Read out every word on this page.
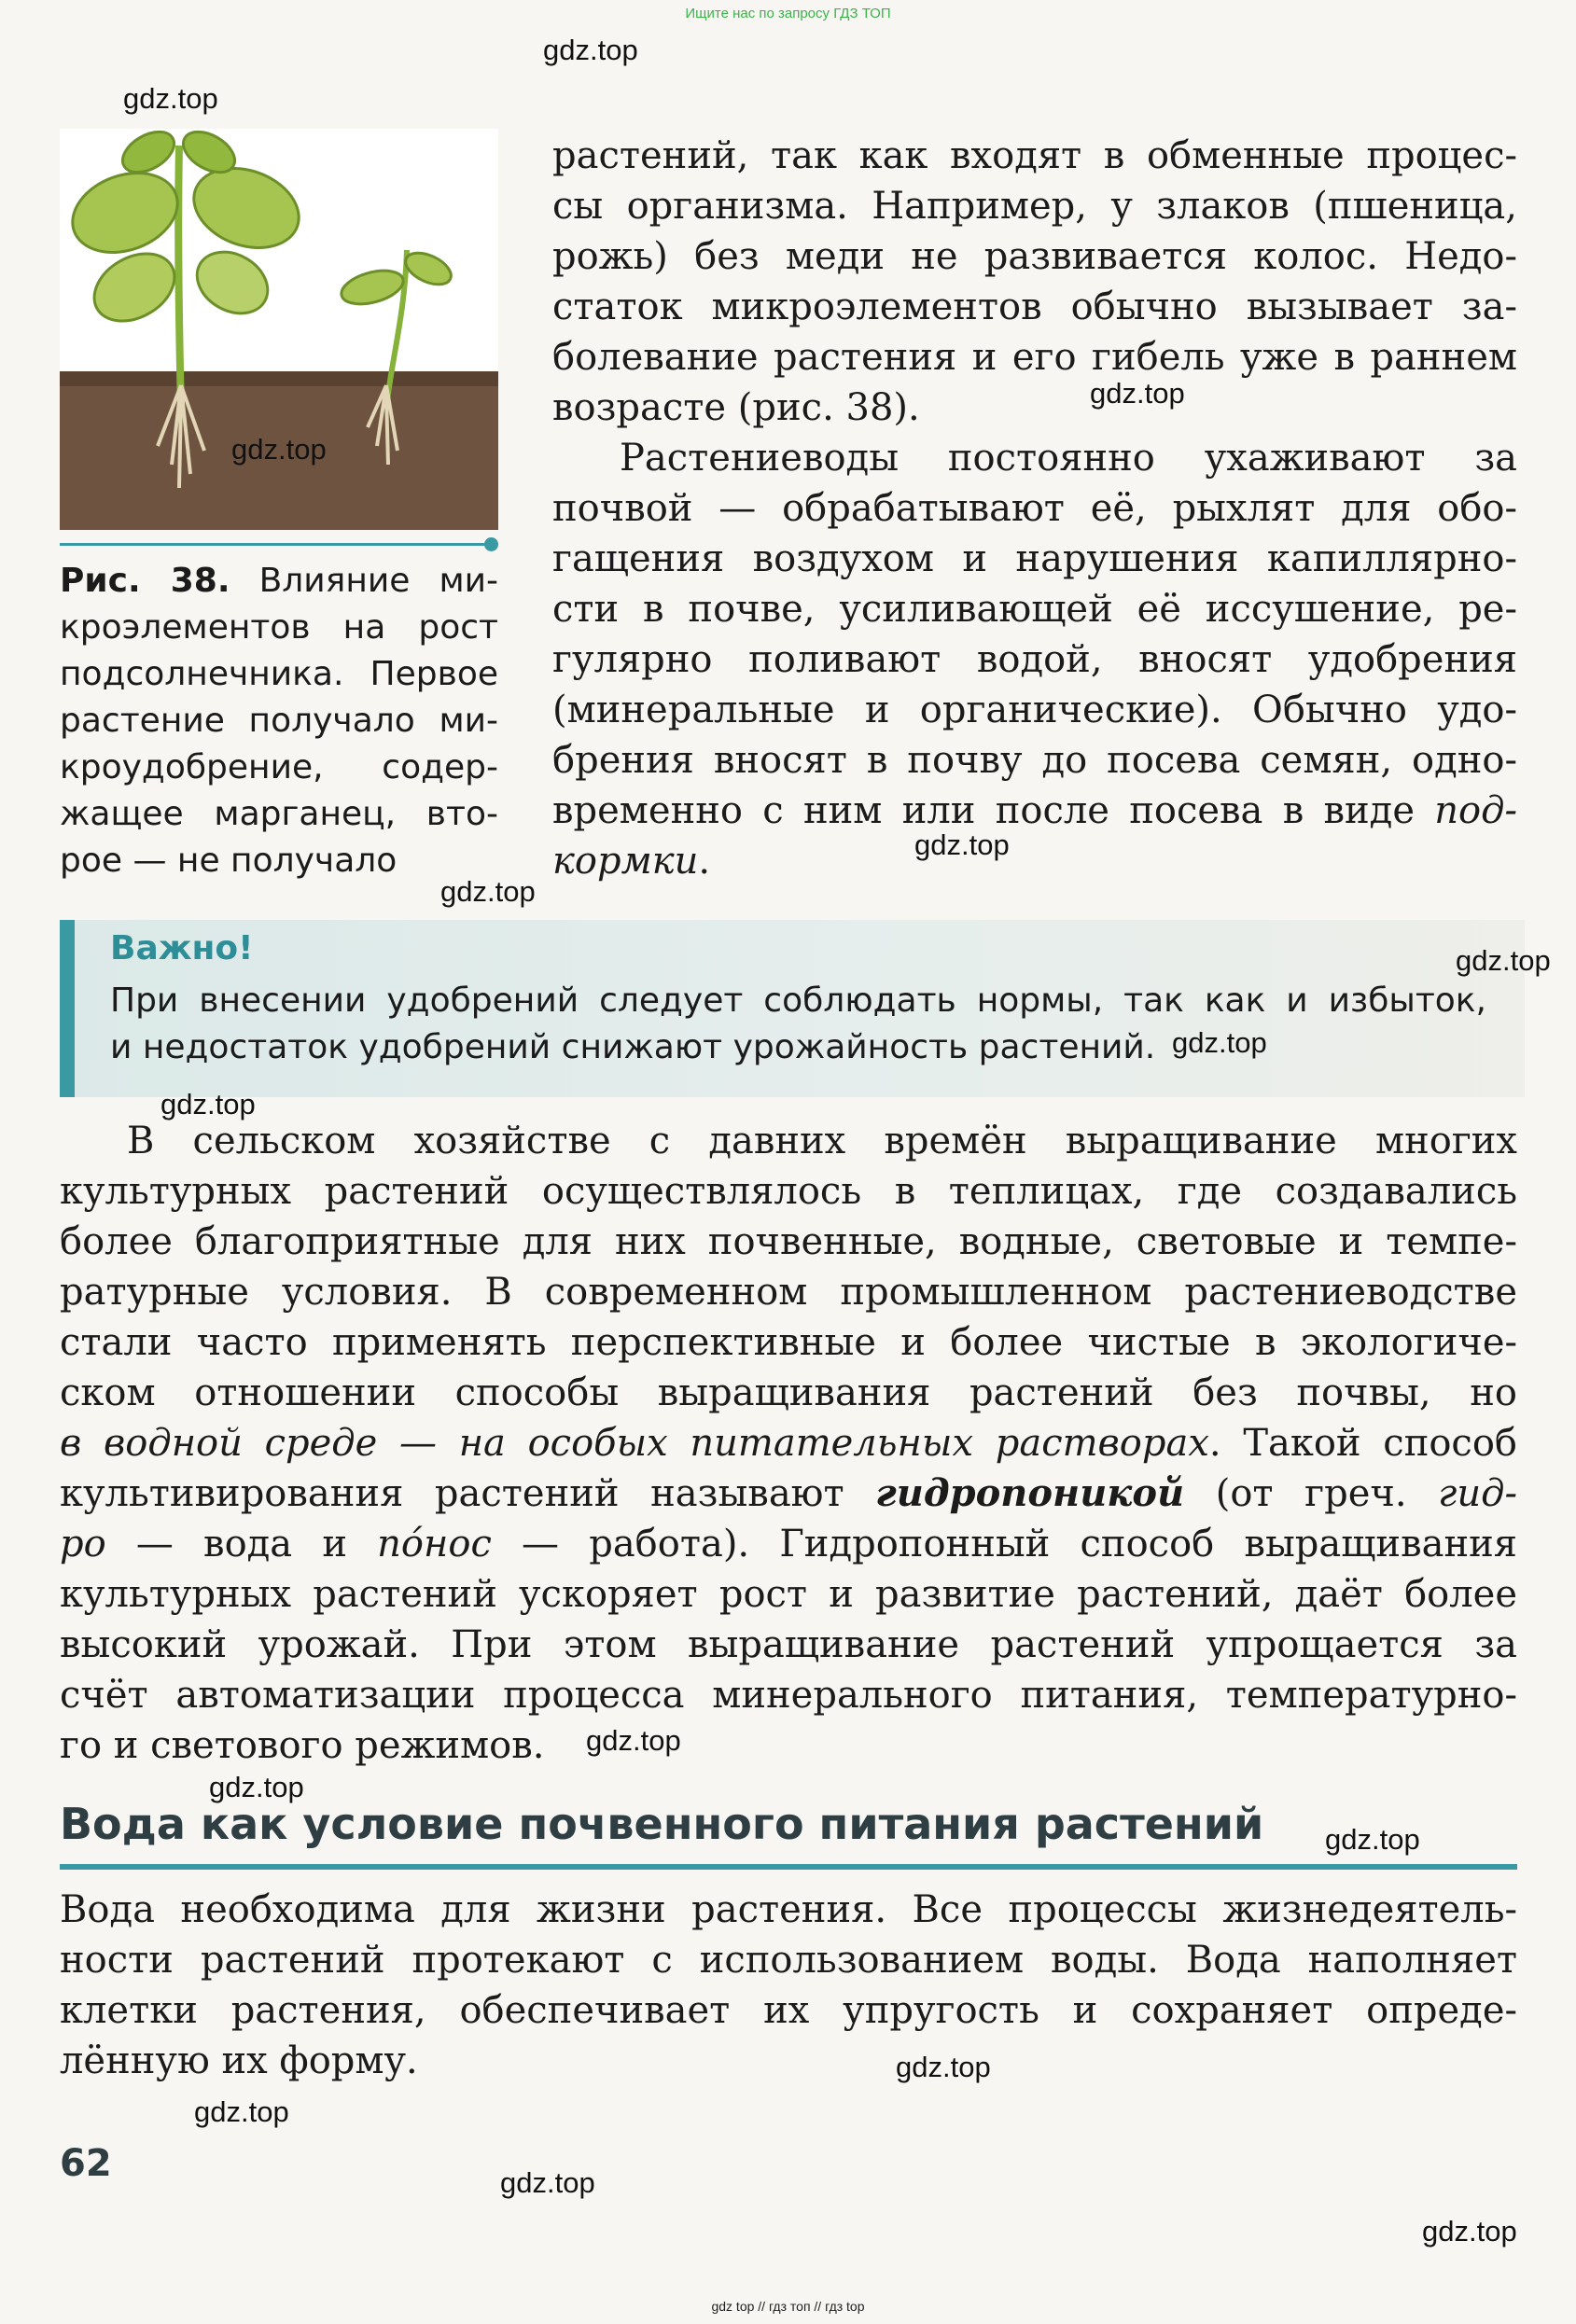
Ищите нас по запросу ГДЗ ТОП
Рис. 38. Влияние ми-
кроэлементов на рост
подсолнечника. Первое
растение получало ми-
кроудобрение, содер-
жащее марганец, вто-
рое — не получало
растений, так как входят в обменные процес-
сы организма. Например, у злаков (пшеница,
рожь) без меди не развивается колос. Недо-
статок микроэлементов обычно вызывает за-
болевание растения и его гибель уже в раннем
возрасте (рис. 38).
Растениеводы постоянно ухаживают за
почвой — обрабатывают её, рыхлят для обо-
гащения воздухом и нарушения капиллярно-
сти в почве, усиливающей её иссушение, ре-
гулярно поливают водой, вносят удобрения
(минеральные и органические). Обычно удо-
брения вносят в почву до посева семян, одно-
временно с ним или после посева в виде под-
кормки.
Важно!
При внесении удобрений следует соблюдать нормы, так как и избыток,
и недостаток удобрений снижают урожайность растений.
В сельском хозяйстве с давних времён выращивание многих
культурных растений осуществлялось в теплицах, где создавались
более благоприятные для них почвенные, водные, световые и темпе-
ратурные условия. В современном промышленном растениеводстве
стали часто применять перспективные и более чистые в экологиче-
ском отношении способы выращивания растений без почвы, но
в водной среде — на особых питательных растворах. Такой способ
культивирования растений называют гидропоникой (от греч. гид-
ро — вода и по́нос — работа). Гидропонный способ выращивания
культурных растений ускоряет рост и развитие растений, даёт более
высокий урожай. При этом выращивание растений упрощается за
счёт автоматизации процесса минерального питания, температурно-
го и светового режимов.
Вода как условие почвенного питания растений
Вода необходима для жизни растения. Все процессы жизнедеятель-
ности растений протекают с использованием воды. Вода наполняет
клетки растения, обеспечивает их упругость и сохраняет опреде-
лённую их форму.
62
gdz.top
gdz.top
gdz.top
gdz.top
gdz.top
gdz.top
gdz.top
gdz.top
gdz.top
gdz.top
gdz.top
gdz.top
gdz.top
gdz.top
gdz.top
gdz.top
gdz top // гдз топ // гдз top
